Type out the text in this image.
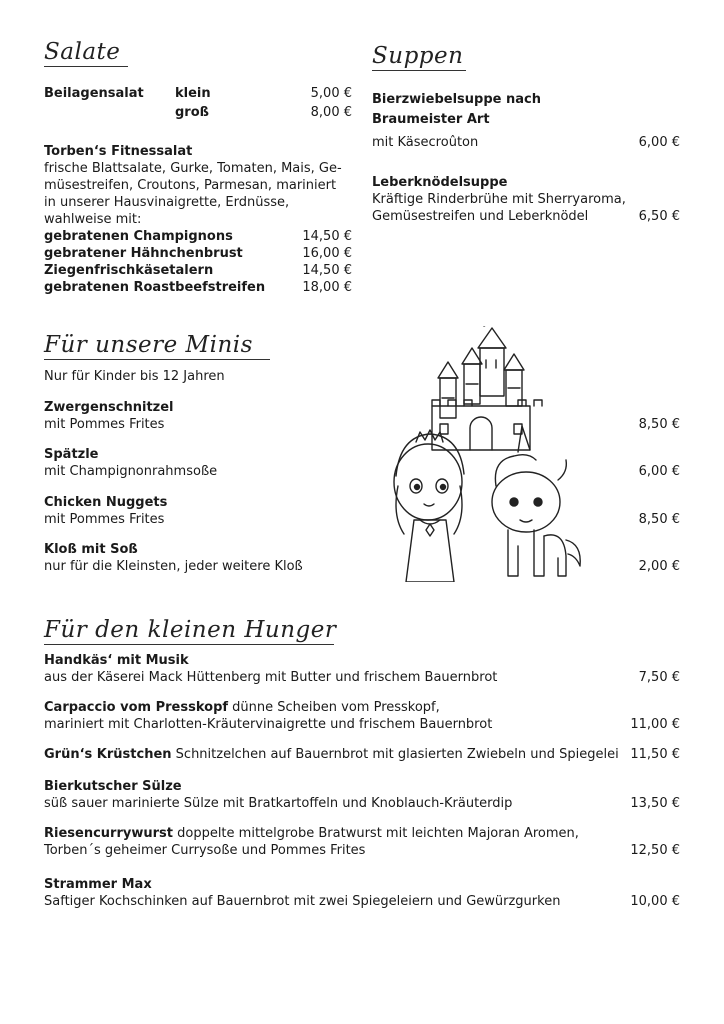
Salate
Beilagensalat klein	5,00 €
groß	8,00 €
Torben‘s Fitnessalat
frische Blattsalate, Gurke, Tomaten, Mais, Ge-
müsestreifen, Croutons, Parmesan, mariniert
in unserer Hausvinaigrette, Erdnüsse,
wahlweise mit:
gebratenen Champignons	14,50 €
gebratener Hähnchenbrust	16,00 €
Ziegenfrischkäsetalern	14,50 €
gebratenen Roastbeefstreifen	18,00 €
Suppen
Bierzwiebelsuppe nach
Braumeister Art
mit Käsecroûton	6,00 €
Leberknödelsuppe
Kräftige Rinderbrühe mit Sherryaroma,
Gemüsestreifen und Leberknödel	6,50 €
Für unsere Minis
Nur für Kinder bis 12 Jahren
Zwergenschnitzel
mit Pommes Frites	8,50 €
Spätzle
mit Champignonrahmsoße	6,00 €
Chicken Nuggets
mit Pommes Frites	8,50 €
Kloß mit Soß
nur für die Kleinsten, jeder weitere Kloß	2,00 €
Für den kleinen Hunger
Handkäs‘ mit Musik
aus der Käserei Mack Hüttenberg mit Butter und frischem Bauernbrot	7,50 €
Carpaccio vom Presskopf dünne Scheiben vom Presskopf,
mariniert mit Charlotten-Kräutervinaigrette und frischem Bauernbrot	11,00 €
Grün‘s Krüstchen Schnitzelchen auf Bauernbrot mit glasierten Zwiebeln und Spiegelei 11,50 €
Bierkutscher Sülze
süß sauer marinierte Sülze mit Bratkartoffeln und Knoblauch-Kräuterdip	13,50 €
Riesencurrywurst doppelte mittelgrobe Bratwurst mit leichten Majoran Aromen,
Torben´s geheimer Currysoße und Pommes Frites	12,50 €
Strammer Max
Saftiger Kochschinken auf Bauernbrot mit zwei Spiegeleiern und Gewürzgurken	10,00 €
